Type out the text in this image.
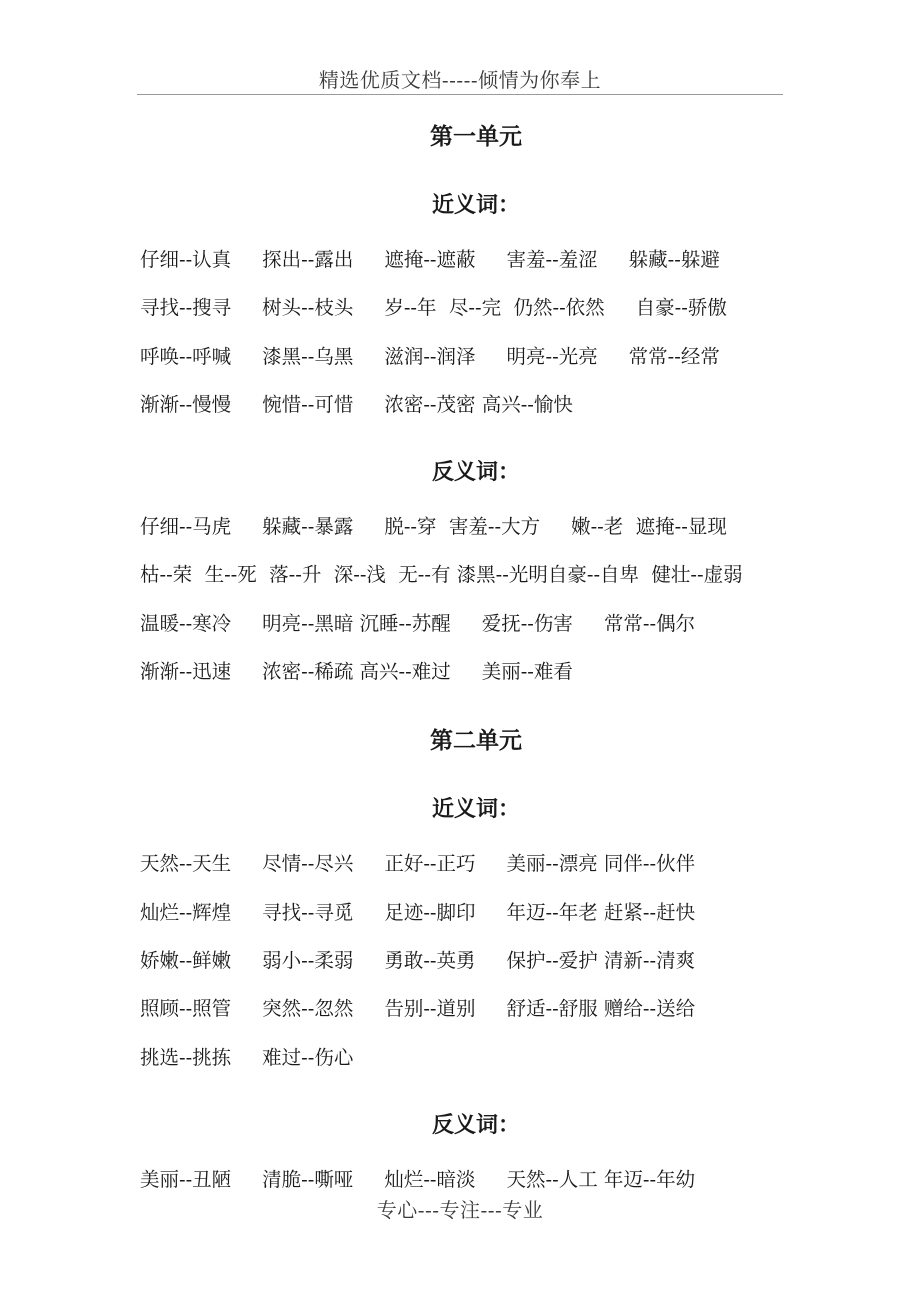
精选优质文档-----倾情为你奉上
第一单元
近义词：
仔细--认真     探出--露出     遮掩--遮蔽     害羞--羞涩     躲藏--躲避
寻找--搜寻     树头--枝头     岁--年  尽--完  仍然--依然     自豪--骄傲
呼唤--呼喊     漆黑--乌黑     滋润--润泽     明亮--光亮     常常--经常
渐渐--慢慢     惋惜--可惜     浓密--茂密 高兴--愉快
反义词：
仔细--马虎     躲藏--暴露     脱--穿  害羞--大方     嫩--老  遮掩--显现
枯--荣  生--死  落--升  深--浅  无--有 漆黑--光明自豪--自卑  健壮--虚弱
温暖--寒冷     明亮--黑暗 沉睡--苏醒     爱抚--伤害     常常--偶尔
渐渐--迅速     浓密--稀疏 高兴--难过     美丽--难看
第二单元
近义词：
天然--天生     尽情--尽兴     正好--正巧     美丽--漂亮 同伴--伙伴
灿烂--辉煌     寻找--寻觅     足迹--脚印     年迈--年老 赶紧--赶快
娇嫩--鲜嫩     弱小--柔弱     勇敢--英勇     保护--爱护 清新--清爽
照顾--照管     突然--忽然     告别--道别     舒适--舒服 赠给--送给
挑选--挑拣     难过--伤心
反义词：
美丽--丑陋     清脆--嘶哑     灿烂--暗淡     天然--人工 年迈--年幼
专心---专注---专业
